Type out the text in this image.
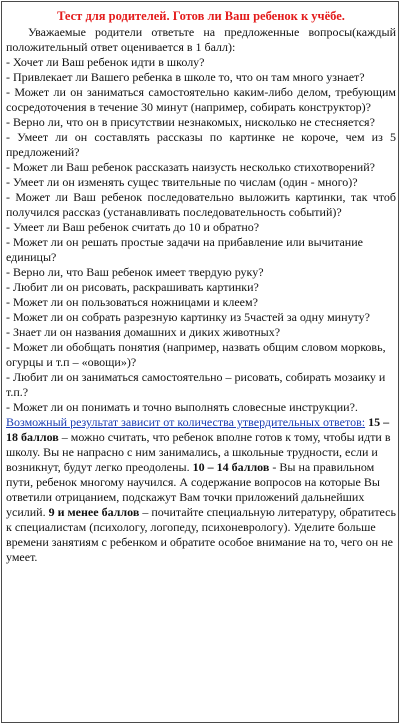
Тест для родителей. Готов ли Ваш ребенок к учёбе.
Уважаемые родители ответьте на предложенные вопросы(каждый положительный ответ оценивается в 1 балл):
- Хочет ли Ваш ребенок идти в школу?
- Привлекает ли Вашего ребенка в школе то, что он там много узнает?
- Может ли он заниматься самостоятельно каким-либо делом, требующим сосредоточения в течение 30 минут (например, собирать конструктор)?
- Верно ли, что он в присутствии незнакомых, нисколько не стесняется?
- Умеет ли он составлять рассказы по картинке не короче, чем из 5 предложений?
- Может ли Ваш ребенок рассказать наизусть несколько стихотворений?
- Умеет ли он изменять сущес твительные по числам (один - много)?
- Может ли Ваш ребенок последовательно выложить картинки, так чтоб получился рассказ (устанавливать последовательность событий)?
- Умеет ли Ваш ребенок считать до 10 и обратно?
- Может ли он решать простые задачи на прибавление или вычитание единицы?
- Верно ли, что Ваш ребенок имеет твердую руку?
- Любит ли он рисовать, раскрашивать картинки?
- Может ли он пользоваться ножницами и клеем?
- Может ли он собрать разрезную картинку из 5частей за одну минуту?
- Знает ли он названия домашних и диких животных?
- Может ли обобщать понятия (например, назвать общим словом морковь, огурцы и т.п – «овощи»)?
- Любит ли он заниматься самостоятельно – рисовать, собирать мозаику и т.п.?
- Может ли он понимать и точно выполнять словесные инструкции?.
Возможный результат зависит от количества утвердительных ответов: 15 – 18 баллов – можно считать, что ребенок вполне готов к тому, чтобы идти в школу. Вы не напрасно с ним занимались, а школьные трудности, если и возникнут, будут легко преодолены. 10 – 14 баллов - Вы на правильном пути, ребенок многому научился. А содержание вопросов на которые Вы ответили отрицанием, подскажут Вам точки приложений дальнейших усилий. 9 и менее баллов – почитайте специальную литературу, обратитесь к специалистам (психологу, логопеду, психоневрологу). Уделите больше времени занятиям с ребенком и обратите особое внимание на то, чего он не умеет.
